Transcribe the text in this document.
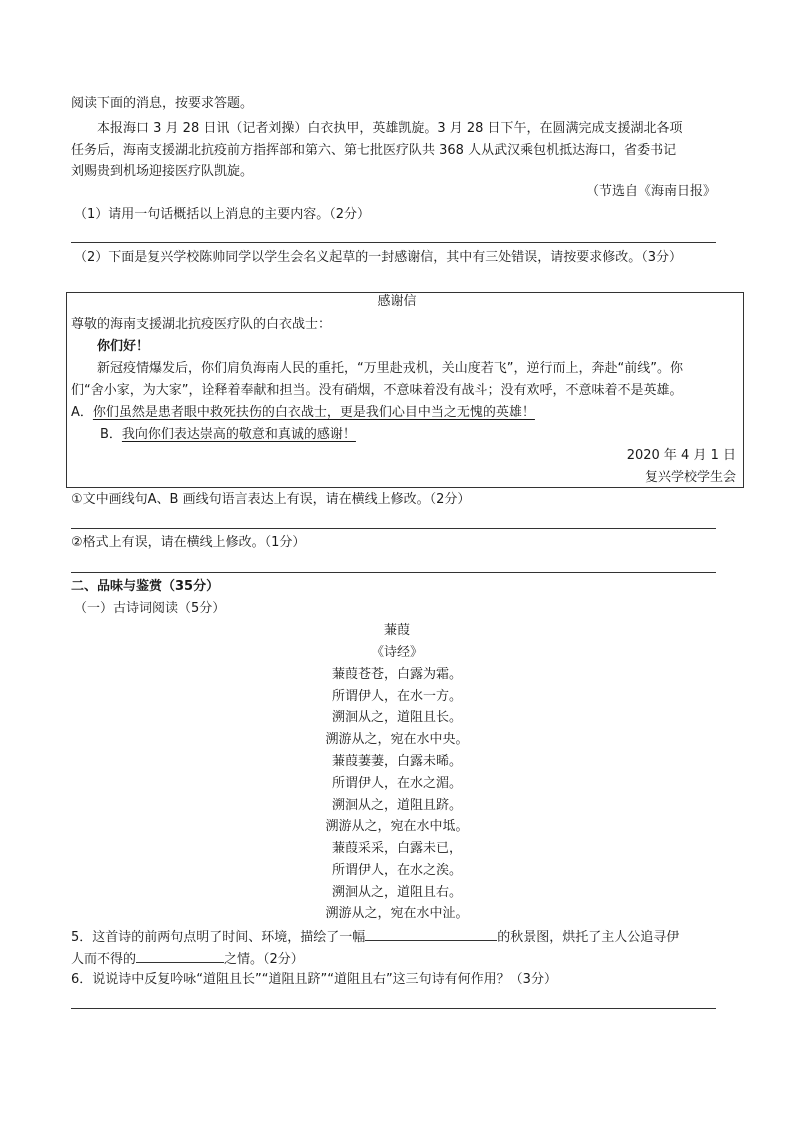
阅读下面的消息，按要求答题。
本报海口 3 月 28 日讯（记者刘操）白衣执甲，英雄凯旋。3 月 28 日下午，在圆满完成支援湖北各项
任务后，海南支援湖北抗疫前方指挥部和第六、第七批医疗队共 368 人从武汉乘包机抵达海口，省委书记
刘赐贵到机场迎接医疗队凯旋。
（节选自《海南日报》
（1）请用一句话概括以上消息的主要内容。（2分）
（2）下面是复兴学校陈帅同学以学生会名义起草的一封感谢信，其中有三处错误，请按要求修改。（3分）
感谢信
尊敬的海南支援湖北抗疫医疗队的白衣战士：
你们好！
新冠疫情爆发后，你们肩负海南人民的重托，“万里赴戎机，关山度若飞”，逆行而上，奔赴“前线”。你
们“舍小家，为大家”，诠释着奉献和担当。没有硝烟，不意味着没有战斗；没有欢呼，不意味着不是英雄。
A．你们虽然是患者眼中救死扶伤的白衣战士，更是我们心目中当之无愧的英雄！
B．我向你们表达崇高的敬意和真诚的感谢！
2020 年 4 月 1 日
复兴学校学生会
①文中画线句A、B 画线句语言表达上有误，请在横线上修改。（2分）
②格式上有误，请在横线上修改。（1分）
二、品味与鉴赏（35分）
（一）古诗词阅读（5分）
蒹葭
《诗经》
蒹葭苍苍，白露为霜。
所谓伊人，在水一方。
溯洄从之，道阻且长。
溯游从之，宛在水中央。
蒹葭萋萋，白露未晞。
所谓伊人，在水之湄。
溯洄从之，道阻且跻。
溯游从之，宛在水中坻。
蒹葭采采，白露未已，
所谓伊人，在水之涘。
溯洄从之，道阻且右。
溯游从之，宛在水中沚。
5．这首诗的前两句点明了时间、环境，描绘了一幅	的秋景图，烘托了主人公追寻伊
人而不得的	之情。（2分）
6．说说诗中反复吟咏“道阻且长”“道阻且跻”“道阻且右”这三句诗有何作用？（3分）
